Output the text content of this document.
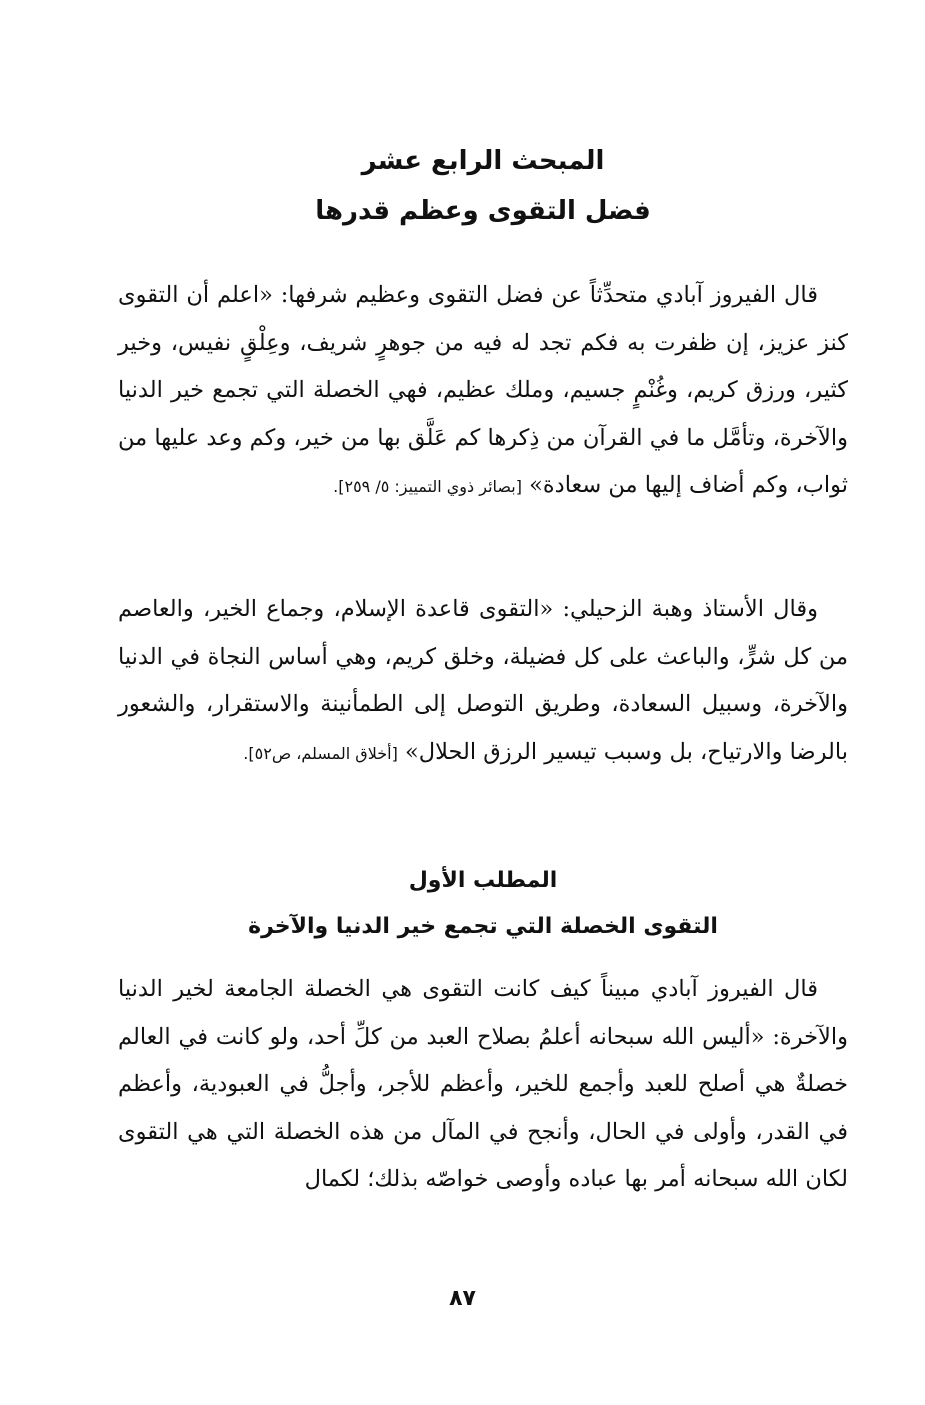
المبحث الرابع عشر
فضل التقوى وعظم قدرها

قال الفيروز آبادي متحدِّثاً عن فضل التقوى وعظيم شرفها: «اعلم أن التقوى كنز عزيز، إن ظفرت به فكم تجد له فيه من جوهرٍ شريف، وعِلْقٍ نفيس، وخير كثير، ورزق كريم، وغُنْمٍ جسيم، وملك عظيم، فهي الخصلة التي تجمع خير الدنيا والآخرة، وتأمَّل ما في القرآن من ذِكرها كم عَلَّق بها من خير، وكم وعد عليها من ثواب، وكم أضاف إليها من سعادة» [بصائر ذوي التمييز: ٥/ ٢٥٩].

وقال الأستاذ وهبة الزحيلي: «التقوى قاعدة الإسلام، وجماع الخير، والعاصم من كل شرٍّ، والباعث على كل فضيلة، وخلق كريم، وهي أساس النجاة في الدنيا والآخرة، وسبيل السعادة، وطريق التوصل إلى الطمأنينة والاستقرار، والشعور بالرضا والارتياح، بل وسبب تيسير الرزق الحلال» [أخلاق المسلم، ص٥٢].

المطلب الأول
التقوى الخصلة التي تجمع خير الدنيا والآخرة

قال الفيروز آبادي مبيناً كيف كانت التقوى هي الخصلة الجامعة لخير الدنيا والآخرة: «أليس الله سبحانه أعلمُ بصلاح العبد من كلِّ أحد، ولو كانت في العالم خصلةٌ هي أصلح للعبد وأجمع للخير، وأعظم للأجر، وأجلُّ في العبودية، وأعظم في القدر، وأولى في الحال، وأنجح في المآل من هذه الخصلة التي هي التقوى لكان الله سبحانه أمر بها عباده وأوصى خواصّه بذلك؛ لكمال

٨٧
